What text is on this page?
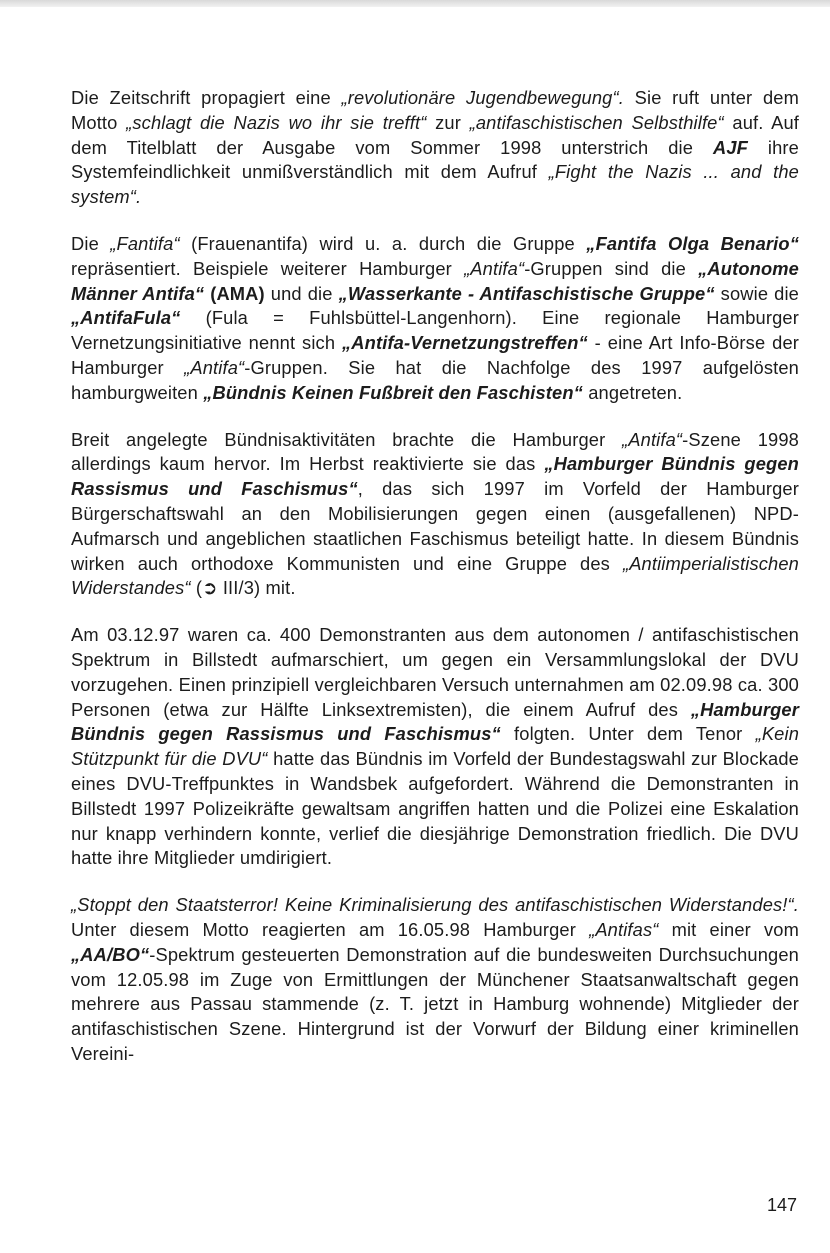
Die Zeitschrift propagiert eine „revolutionäre Jugendbewegung“. Sie ruft unter dem Motto „schlagt die Nazis wo ihr sie trefft“ zur „antifaschistischen Selbsthilfe“ auf. Auf dem Titelblatt der Ausgabe vom Sommer 1998 unterstrich die AJF ihre Systemfeindlichkeit unmißverständlich mit dem Aufruf „Fight the Nazis ... and the system“.

Die „Fantifa“ (Frauenantifa) wird u. a. durch die Gruppe „Fantifa Olga Benario“ repräsentiert. Beispiele weiterer Hamburger „Antifa“-Gruppen sind die „Autonome Männer Antifa“ (AMA) und die „Wasserkante - Antifaschistische Gruppe“ sowie die „AntifaFula“ (Fula = Fuhlsbüttel-Langenhorn). Eine regionale Hamburger Vernetzungsinitiative nennt sich „Antifa-Vernetzungstreffen“ - eine Art Info-Börse der Hamburger „Antifa“-Gruppen. Sie hat die Nachfolge des 1997 aufgelösten hamburgweiten „Bündnis Keinen Fußbreit den Faschisten“ angetreten.

Breit angelegte Bündnisaktivitäten brachte die Hamburger „Antifa“-Szene 1998 allerdings kaum hervor. Im Herbst reaktivierte sie das „Hamburger Bündnis gegen Rassismus und Faschismus“, das sich 1997 im Vorfeld der Hamburger Bürgerschaftswahl an den Mobilisierungen gegen einen (ausgefallenen) NPD-Aufmarsch und angeblichen staatlichen Faschismus beteiligt hatte. In diesem Bündnis wirken auch orthodoxe Kommunisten und eine Gruppe des „Antiimperialistischen Widerstandes“ (➲ III/3) mit.

Am 03.12.97 waren ca. 400 Demonstranten aus dem autonomen / antifaschistischen Spektrum in Billstedt aufmarschiert, um gegen ein Versammlungslokal der DVU vorzugehen. Einen prinzipiell vergleichbaren Versuch unternahmen am 02.09.98 ca. 300 Personen (etwa zur Hälfte Linksextremisten), die einem Aufruf des „Hamburger Bündnis gegen Rassismus und Faschismus“ folgten. Unter dem Tenor „Kein Stützpunkt für die DVU“ hatte das Bündnis im Vorfeld der Bundestagswahl zur Blockade eines DVU-Treffpunktes in Wandsbek aufgefordert. Während die Demonstranten in Billstedt 1997 Polizeikräfte gewaltsam angriffen hatten und die Polizei eine Eskalation nur knapp verhindern konnte, verlief die diesjährige Demonstration friedlich. Die DVU hatte ihre Mitglieder umdirigiert.

„Stoppt den Staatsterror! Keine Kriminalisierung des antifaschistischen Widerstandes!“. Unter diesem Motto reagierten am 16.05.98 Hamburger „Antifas“ mit einer vom „AA/BO“-Spektrum gesteuerten Demonstration auf die bundesweiten Durchsuchungen vom 12.05.98 im Zuge von Ermittlungen der Münchener Staatsanwaltschaft gegen mehrere aus Passau stammende (z. T. jetzt in Hamburg wohnende) Mitglieder der antifaschistischen Szene. Hintergrund ist der Vorwurf der Bildung einer kriminellen Vereini-

147
